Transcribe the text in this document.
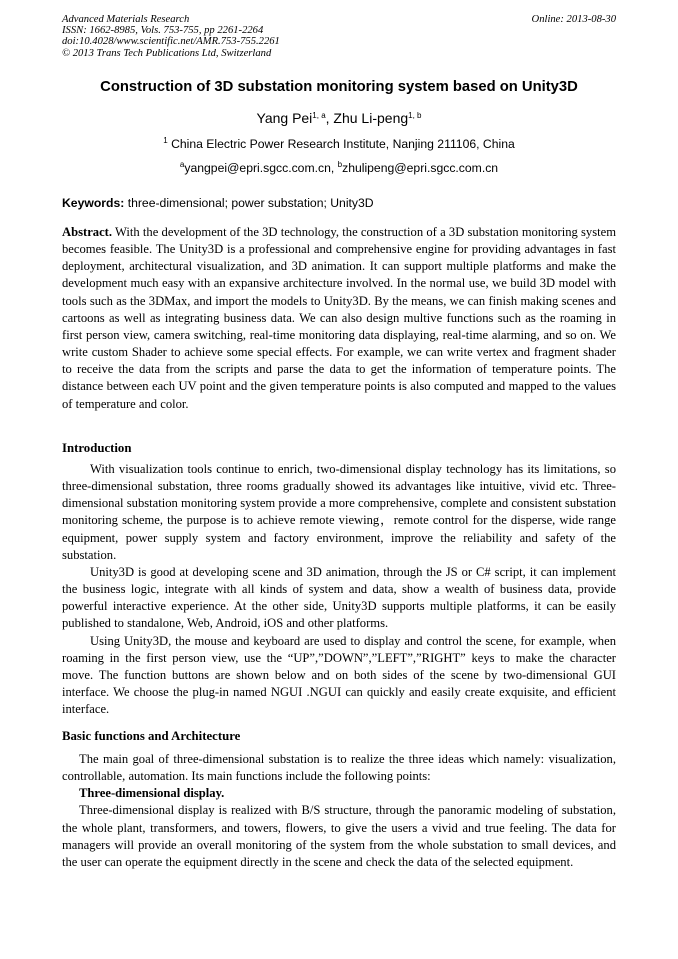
Advanced Materials Research
ISSN: 1662-8985, Vols. 753-755, pp 2261-2264
doi:10.4028/www.scientific.net/AMR.753-755.2261
© 2013 Trans Tech Publications Ltd, Switzerland
Online: 2013-08-30
Construction of 3D substation monitoring system based on Unity3D
Yang Pei$^{1, a}$, Zhu Li-peng$^{1, b}$
$^1$ China Electric Power Research Institute, Nanjing 211106, China
$^a$yangpei@epri.sgcc.com.cn, $^b$zhulipeng@epri.sgcc.com.cn
Keywords: three-dimensional; power substation; Unity3D

Abstract. With the development of the 3D technology, the construction of a 3D substation monitoring system becomes feasible. The Unity3D is a professional and comprehensive engine for providing advantages in fast deployment, architectural visualization, and 3D animation. It can support multiple platforms and make the development much easy with an expansive architecture involved. In the normal use, we build 3D model with tools such as the 3DMax, and import the models to Unity3D. By the means, we can finish making scenes and cartoons as well as integrating business data. We can also design multive functions such as the roaming in first person view, camera switching, real-time monitoring data displaying, real-time alarming, and so on. We write custom Shader to achieve some special effects. For example, we can write vertex and fragment shader to receive the data from the scripts and parse the data to get the information of temperature points. The distance between each UV point and the given temperature points is also computed and mapped to the values of temperature and color.

Introduction

With visualization tools continue to enrich, two-dimensional display technology has its limitations, so three-dimensional substation, three rooms gradually showed its advantages like intuitive, vivid etc. Three-dimensional substation monitoring system provide a more comprehensive, complete and consistent substation monitoring scheme, the purpose is to achieve remote viewing，remote control for the disperse, wide range equipment, power supply system and factory environment, improve the reliability and safety of the substation.

Unity3D is good at developing scene and 3D animation, through the JS or C# script, it can implement the business logic, integrate with all kinds of system and data, show a wealth of business data, provide powerful interactive experience. At the other side, Unity3D supports multiple platforms, it can be easily published to standalone, Web, Android, iOS and other platforms.

Using Unity3D, the mouse and keyboard are used to display and control the scene, for example, when roaming in the first person view, use the “UP”,”DOWN”,”LEFT”,”RIGHT” keys to make the character move. The function buttons are shown below and on both sides of the scene by two-dimensional GUI interface. We choose the plug-in named NGUI .NGUI can quickly and easily create exquisite, and efficient interface.

Basic functions and Architecture

The main goal of three-dimensional substation is to realize the three ideas which namely: visualization, controllable, automation. Its main functions include the following points:

Three-dimensional display.

Three-dimensional display is realized with B/S structure, through the panoramic modeling of substation, the whole plant, transformers, and towers, flowers, to give the users a vivid and true feeling. The data for managers will provide an overall monitoring of the system from the whole substation to small devices, and the user can operate the equipment directly in the scene and check the data of the selected equipment.
